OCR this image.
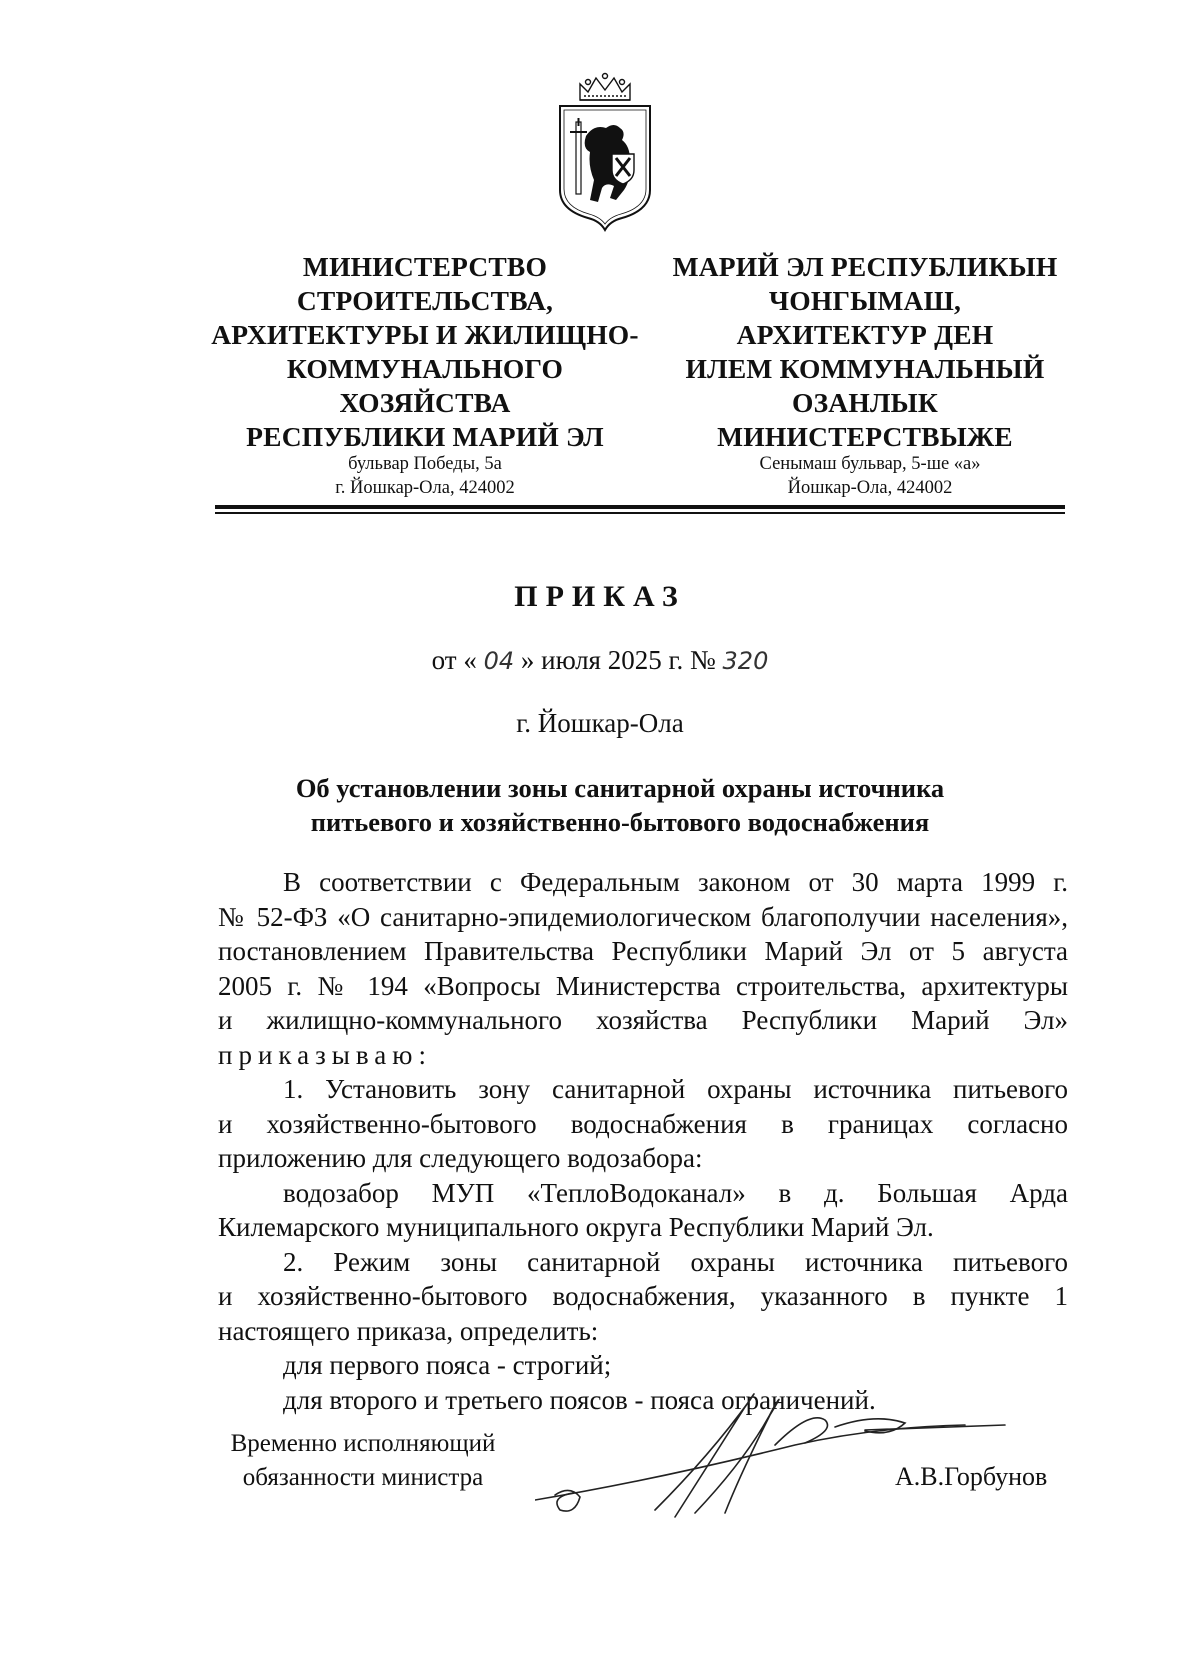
МИНИСТЕРСТВО
СТРОИТЕЛЬСТВА,
АРХИТЕКТУРЫ И ЖИЛИЩНО-
КОММУНАЛЬНОГО
ХОЗЯЙСТВА
РЕСПУБЛИКИ МАРИЙ ЭЛ
МАРИЙ ЭЛ РЕСПУБЛИКЫН
ЧОНГЫМАШ,
АРХИТЕКТУР ДЕН
ИЛЕМ КОММУНАЛЬНЫЙ
ОЗАНЛЫК
МИНИСТЕРСТВЫЖЕ
бульвар Победы, 5а
г. Йошкар-Ола, 424002
Сенымаш бульвар, 5-ше «а»
Йошкар-Ола, 424002
ПРИКАЗ
от « 04 » июля 2025 г. № 320
г. Йошкар-Ола
Об установлении зоны санитарной охраны источника
питьевого и хозяйственно-бытового водоснабжения

В соответствии с Федеральным законом от 30 марта 1999 г.

№ 52-ФЗ «О санитарно-эпидемиологическом благополучии населения»,

постановлением Правительства Республики Марий Эл от 5 августа

2005 г. № 194 «Вопросы Министерства строительства, архитектуры

и жилищно-коммунального хозяйства Республики Марий Эл»

приказываю:

1. Установить зону санитарной охраны источника питьевого

и хозяйственно-бытового водоснабжения в границах согласно

приложению для следующего водозабора:

водозабор МУП «ТеплоВодоканал» в д. Большая Арда

Килемарского муниципального округа Республики Марий Эл.

2. Режим зоны санитарной охраны источника питьевого

и хозяйственно-бытового водоснабжения, указанного в пункте 1

настоящего приказа, определить:

для первого пояса - строгий;

для второго и третьего поясов - пояса ограничений.

Временно исполняющий
обязанности министра	А.В.Горбунов
